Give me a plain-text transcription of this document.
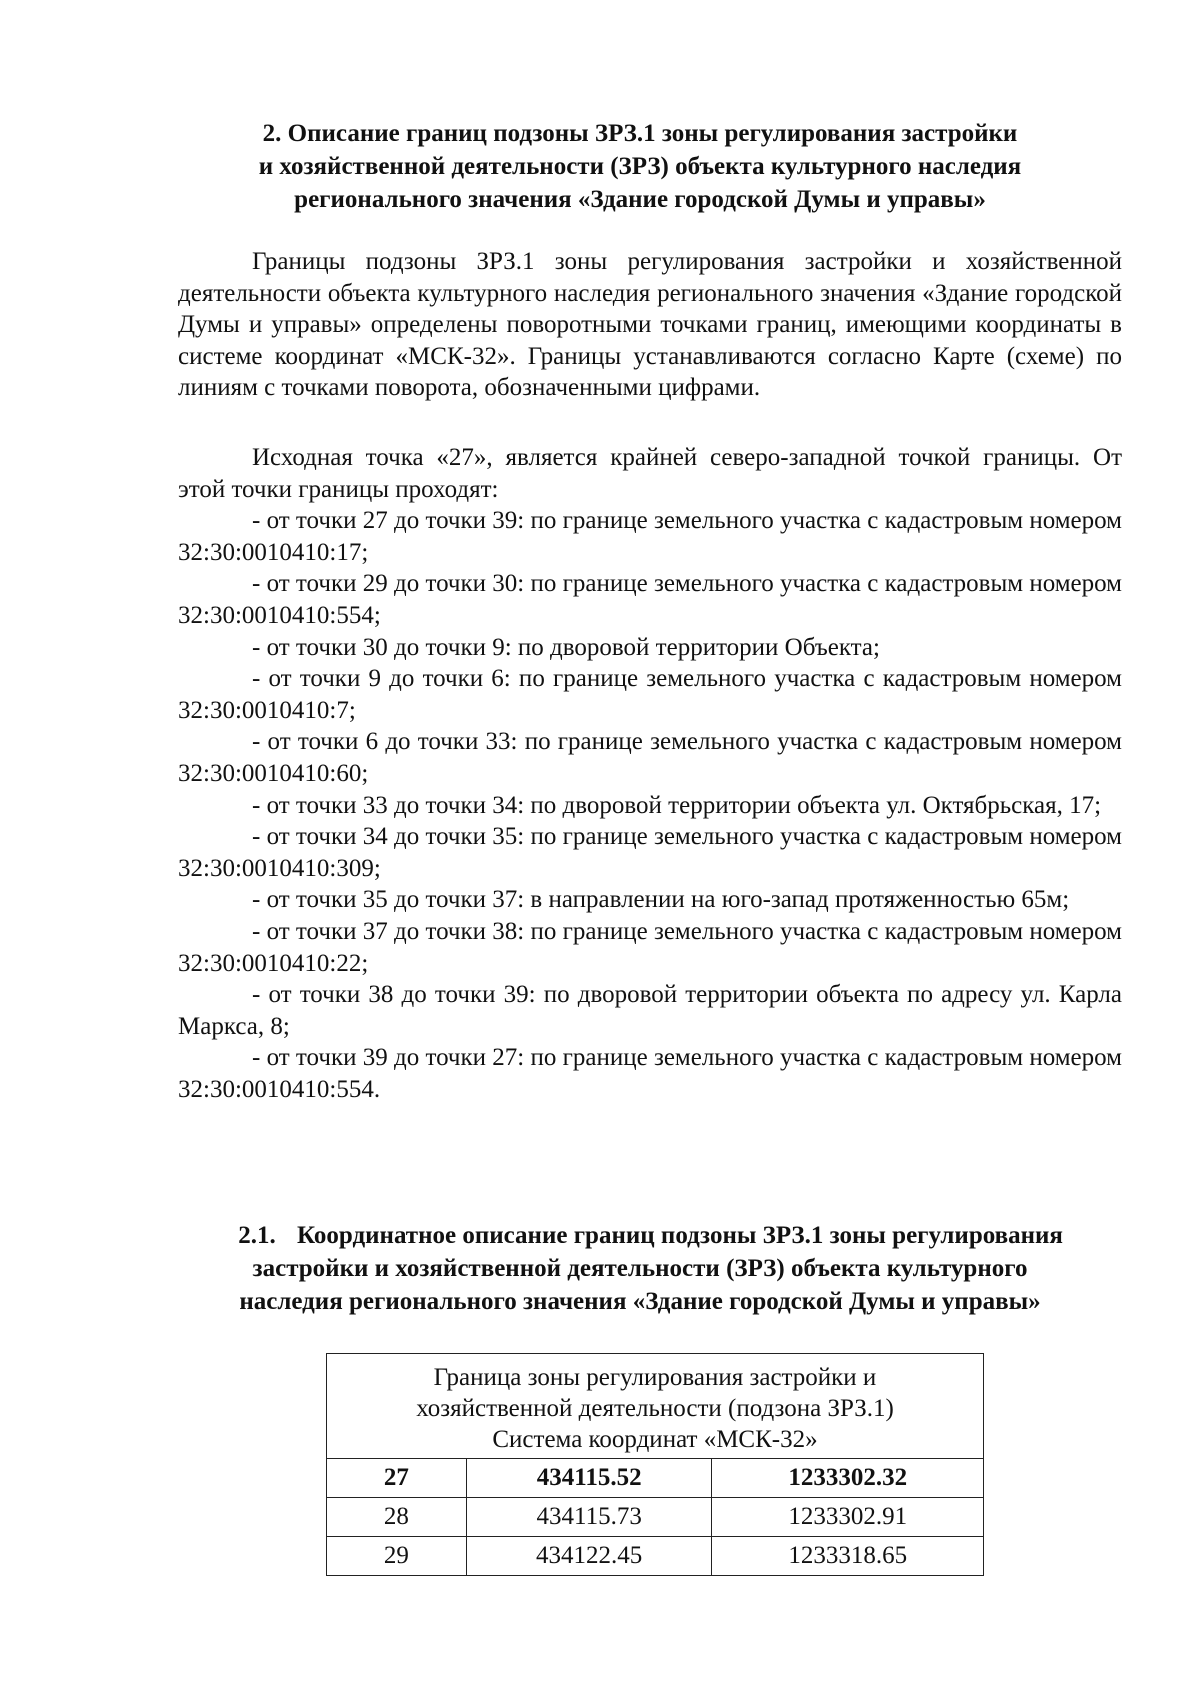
2. Описание границ подзоны ЗРЗ.1 зоны регулирования застройки
и хозяйственной деятельности (ЗРЗ) объекта культурного наследия
регионального значения «Здание городской Думы и управы»

Границы подзоны ЗРЗ.1 зоны регулирования застройки и хозяйственной деятельности объекта культурного наследия регионального значения «Здание городской Думы и управы» определены поворотными точками границ, имеющими координаты в системе координат «МСК-32». Границы устанавливаются согласно Карте (схеме) по линиям с точками поворота, обозначенными цифрами.

Исходная точка «27», является крайней северо-западной точкой границы. От этой точки границы проходят:

- от точки 27 до точки 39: по границе земельного участка с кадастровым номером 32:30:0010410:17;

- от точки 29 до точки 30: по границе земельного участка с кадастровым номером 32:30:0010410:554;

- от точки 30 до точки 9: по дворовой территории Объекта;

- от точки 9 до точки 6: по границе земельного участка с кадастровым номером 32:30:0010410:7;

- от точки 6 до точки 33: по границе земельного участка с кадастровым номером 32:30:0010410:60;

- от точки 33 до точки 34: по дворовой территории объекта ул. Октябрьская, 17;

- от точки 34 до точки 35: по границе земельного участка с кадастровым номером 32:30:0010410:309;

- от точки 35 до точки 37: в направлении на юго-запад протяженностью 65м;

- от точки 37 до точки 38: по границе земельного участка с кадастровым номером 32:30:0010410:22;

- от точки 38 до точки 39: по дворовой территории объекта по адресу ул. Карла Маркса, 8;

- от точки 39 до точки 27: по границе земельного участка с кадастровым номером 32:30:0010410:554.

2.1. Координатное описание границ подзоны ЗРЗ.1 зоны регулирования
застройки и хозяйственной деятельности (ЗРЗ) объекта культурного
наследия регионального значения «Здание городской Думы и управы»
Граница зоны регулирования застройки и
хозяйственной деятельности (подзона ЗРЗ.1)
Система координат «МСК-32»		

27	434115.52	1233302.32
28	434115.73	1233302.91
29	434122.45	1233318.65
